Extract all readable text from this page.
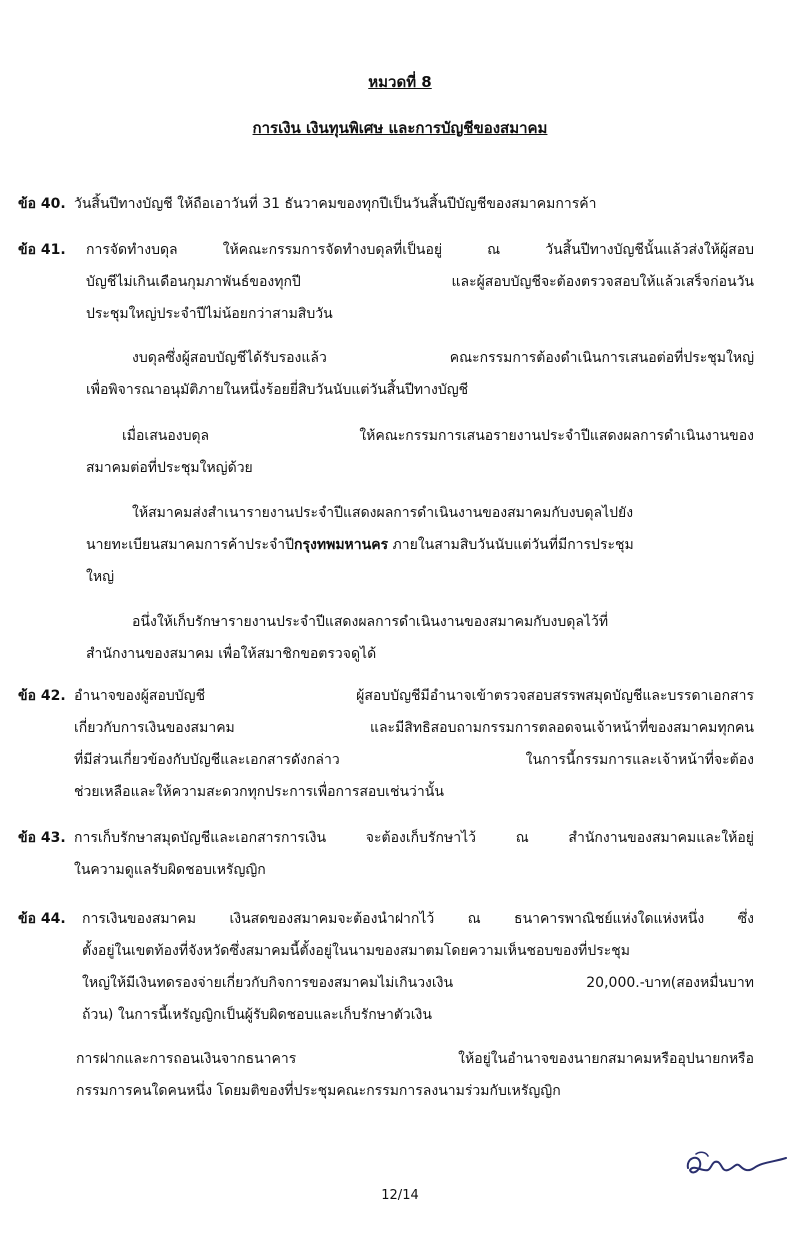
หมวดที่ 8
การเงิน เงินทุนพิเศษ และการบัญชีของสมาคม
ข้อ 40. วันสิ้นปีทางบัญชี ให้ถือเอาวันที่ 31 ธันวาคมของทุกปีเป็นวันสิ้นปีบัญชีของสมาคมการค้า
ข้อ 41. การจัดทำงบดุล ให้คณะกรรมการจัดทำงบดุลที่เป็นอยู่ ณ วันสิ้นปีทางบัญชีนั้นแล้วส่งให้ผู้สอบ
บัญชีไม่เกินเดือนกุมภาพันธ์ของทุกปี และผู้สอบบัญชีจะต้องตรวจสอบให้แล้วเสร็จก่อนวัน
ประชุมใหญ่ประจำปีไม่น้อยกว่าสามสิบวัน
งบดุลซึ่งผู้สอบบัญชีได้รับรองแล้ว คณะกรรมการต้องดำเนินการเสนอต่อที่ประชุมใหญ่
เพื่อพิจารณาอนุมัติภายในหนึ่งร้อยยี่สิบวันนับแต่วันสิ้นปีทางบัญชี
เมื่อเสนองบดุล ให้คณะกรรมการเสนอรายงานประจำปีแสดงผลการดำเนินงานของ
สมาคมต่อที่ประชุมใหญ่ด้วย
ให้สมาคมส่งสำเนารายงานประจำปีแสดงผลการดำเนินงานของสมาคมกับงบดุลไปยัง
นายทะเบียนสมาคมการค้าประจำปีกรุงทพมหานคร ภายในสามสิบวันนับแต่วันที่มีการประชุม
ใหญ่
อนึ่งให้เก็บรักษารายงานประจำปีแสดงผลการดำเนินงานของสมาคมกับงบดุลไว้ที่
สำนักงานของสมาคม เพื่อให้สมาชิกขอตรวจดูได้
ข้อ 42. อำนาจของผู้สอบบัญชี ผู้สอบบัญชีมีอำนาจเข้าตรวจสอบสรรพสมุดบัญชีและบรรดาเอกสาร
เกี่ยวกับการเงินของสมาคม และมีสิทธิสอบถามกรรมการตลอดจนเจ้าหน้าที่ของสมาคมทุกคน
ที่มีส่วนเกี่ยวข้องกับบัญชีและเอกสารดังกล่าว ในการนี้กรรมการและเจ้าหน้าที่จะต้อง
ช่วยเหลือและให้ความสะดวกทุกประการเพื่อการสอบเช่นว่านั้น
ข้อ 43. การเก็บรักษาสมุดบัญชีและเอกสารการเงิน จะต้องเก็บรักษาไว้ ณ สำนักงานของสมาคมและให้อยู่
ในความดูแลรับผิดชอบเหรัญญิก
ข้อ 44. การเงินของสมาคม เงินสดของสมาคมจะต้องนำฝากไว้ ณ ธนาคารพาณิชย์แห่งใดแห่งหนึ่ง ซึ่ง
ตั้งอยู่ในเขตท้องที่จังหวัดซึ่งสมาคมนี้ตั้งอยู่ในนามของสมาตมโดยความเห็นชอบของที่ประชุม
ใหญ่ให้มีเงินทดรองจ่ายเกี่ยวกับกิจการของสมาคมไม่เกินวงเงิน 20,000.-บาท(สองหมื่นบาท
ถ้วน) ในการนี้เหรัญญิกเป็นผู้รับผิดชอบและเก็บรักษาตัวเงิน
การฝากและการถอนเงินจากธนาคาร ให้อยู่ในอำนาจของนายกสมาคมหรืออุปนายกหรือ
กรรมการคนใดคนหนึ่ง โดยมติของที่ประชุมคณะกรรมการลงนามร่วมกับเหรัญญิก
12/14
